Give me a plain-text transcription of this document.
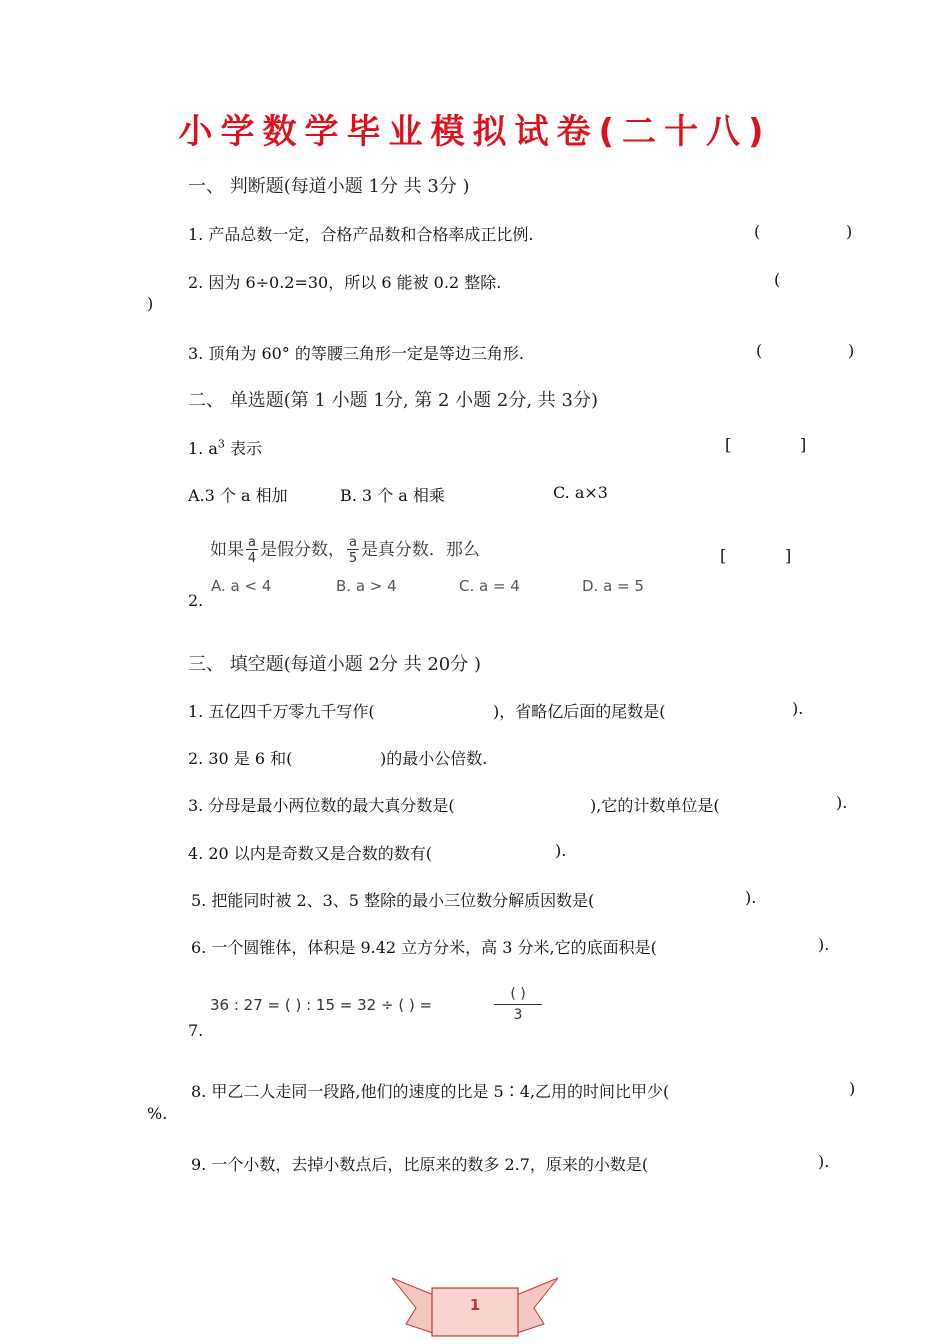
小学数学毕业模拟试卷(二十八)
一、 判断题(每道小题 1分 共 3分 )
1. 产品总数一定，合格产品数和合格率成正比例.	(	)
2. 因为 6÷0.2=30，所以 6 能被 0.2 整除.	(
)
3. 顶角为 60° 的等腰三角形一定是等边三角形.	(	)
二、 单选题(第 1 小题 1分, 第 2 小题 2分, 共 3分)
1. $a^3$ 表示	[	]
A.3 个 a 相加	B. 3 个 a 相乘	C. a×3
如果 $\frac{a}{4}$ 是假分数， $\frac{a}{5}$ 是真分数．那么	[	]
A. a < 4	B. a > 4	C. a = 4	D. a = 5
2.
三、 填空题(每道小题 2分 共 20分 )
1. 五亿四千万零九千写作(	)，省略亿后面的尾数是(	).
2. 30 是 6 和(	)的最小公倍数.
3. 分母是最小两位数的最大真分数是(	),它的计数单位是(	).
4. 20 以内是奇数又是合数的数有(	).
5. 把能同时被 2、3、5 整除的最小三位数分解质因数是(	).
6. 一个圆锥体，体积是 9.42 立方分米，高 3 分米,它的底面积是(	).
36 : 27 = ( ) : 15 = 32 ÷ ( ) =
( )
3
7.
8. 甲乙二人走同一段路,他们的速度的比是 5∶4,乙用的时间比甲少(	)
%.
9. 一个小数，去掉小数点后，比原来的数多 2.7，原来的小数是(	).
1
